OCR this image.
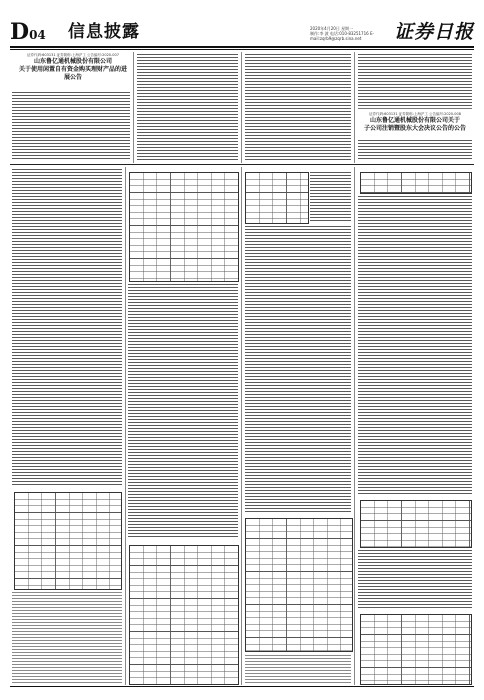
D04 信息披露	2020年4月20日 星期一
制作:李 波 电话:010-83251716 E-mail:zqrb9@zqrb.sina.net	证券日报
证券代码:603131 证券简称:上海沪工 公告编号:2020-007
山东鲁亿通机械股份有限公司
关于使用闲置自有资金购买理财产品的进展公告
证券代码:603131 证券简称:上海沪工 公告编号:2020-008
山东鲁亿通机械股份有限公司关于
子公司注销暨股东大会决议公告的公告
